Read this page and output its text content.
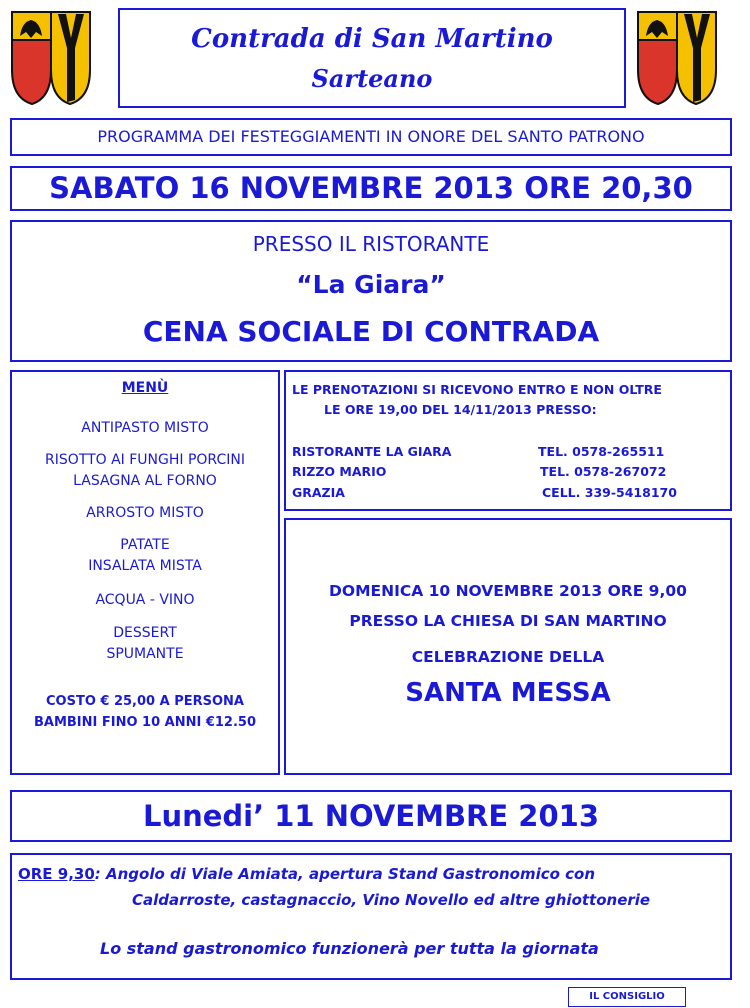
Contrada di San Martino
Sarteano
PROGRAMMA DEI FESTEGGIAMENTI IN ONORE DEL SANTO PATRONO
SABATO 16 NOVEMBRE 2013 ORE 20,30
PRESSO IL RISTORANTE
“La Giara”
CENA SOCIALE DI CONTRADA
MENÙ
ANTIPASTO MISTO
RISOTTO AI FUNGHI PORCINI
LASAGNA AL FORNO
ARROSTO MISTO
PATATE
INSALATA MISTA
ACQUA - VINO
DESSERT
SPUMANTE
COSTO € 25,00 A PERSONA
BAMBINI FINO 10 ANNI €12.50
LE PRENOTAZIONI SI RICEVONO ENTRO E NON OLTRE
LE ORE 19,00 DEL 14/11/2013 PRESSO:
RISTORANTE LA GIARA	TEL. 0578-265511
RIZZO MARIO	TEL. 0578-267072
GRAZIA	CELL. 339-5418170
DOMENICA 10 NOVEMBRE 2013 ORE 9,00
PRESSO LA CHIESA DI SAN MARTINO
CELEBRAZIONE DELLA
SANTA MESSA
Lunedi’ 11 NOVEMBRE 2013
ORE 9,30: Angolo di Viale Amiata, apertura Stand Gastronomico con
Caldarroste, castagnaccio, Vino Novello ed altre ghiottonerie
Lo stand gastronomico funzionerà per tutta la giornata
IL CONSIGLIO
